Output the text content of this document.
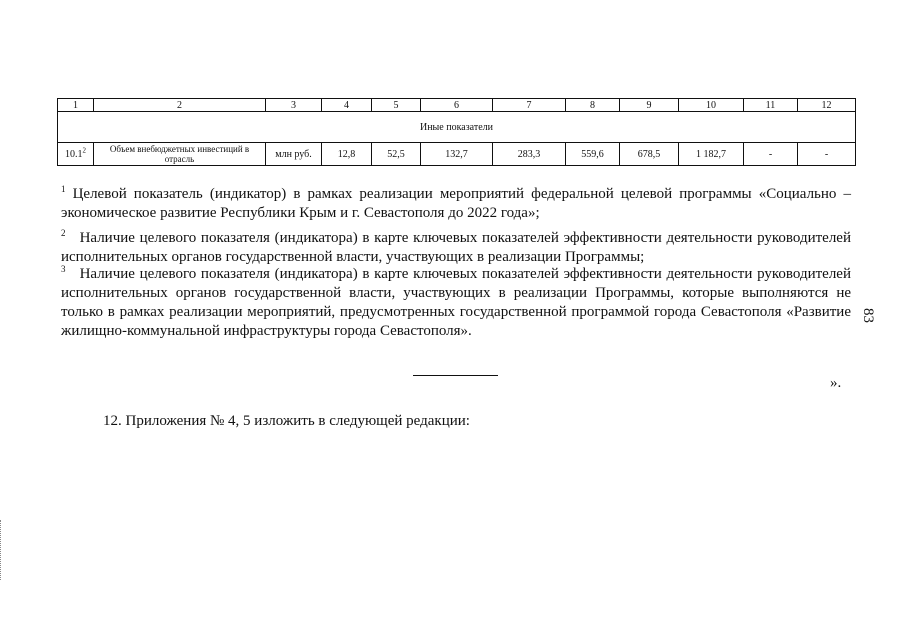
1	2	3	4	5	6	7	8	9	10	11	12
Иные показатели											
10.1$^2$	Объем внебюджетных инвестиций в отрасль	млн руб.	12,8	52,5	132,7	283,3	559,6	678,5	1 182,7	-	-
$^1$ Целевой показатель (индикатор) в рамках реализации мероприятий федеральной целевой программы «Социально – экономическое развитие Республики Крым и г. Севастополя до 2022 года»;
$^2$ Наличие целевого показателя (индикатора) в карте ключевых показателей эффективности деятельности руководителей исполнительных органов государственной власти, участвующих в реализации Программы;
$^3$ Наличие целевого показателя (индикатора) в карте ключевых показателей эффективности деятельности руководителей исполнительных органов государственной власти, участвующих в реализации Программы, которые выполняются не только в рамках реализации мероприятий, предусмотренных государственной программой города Севастополя «Развитие жилищно-коммунальной инфраструктуры города Севастополя».
».
12. Приложения № 4, 5 изложить в следующей редакции:
83
